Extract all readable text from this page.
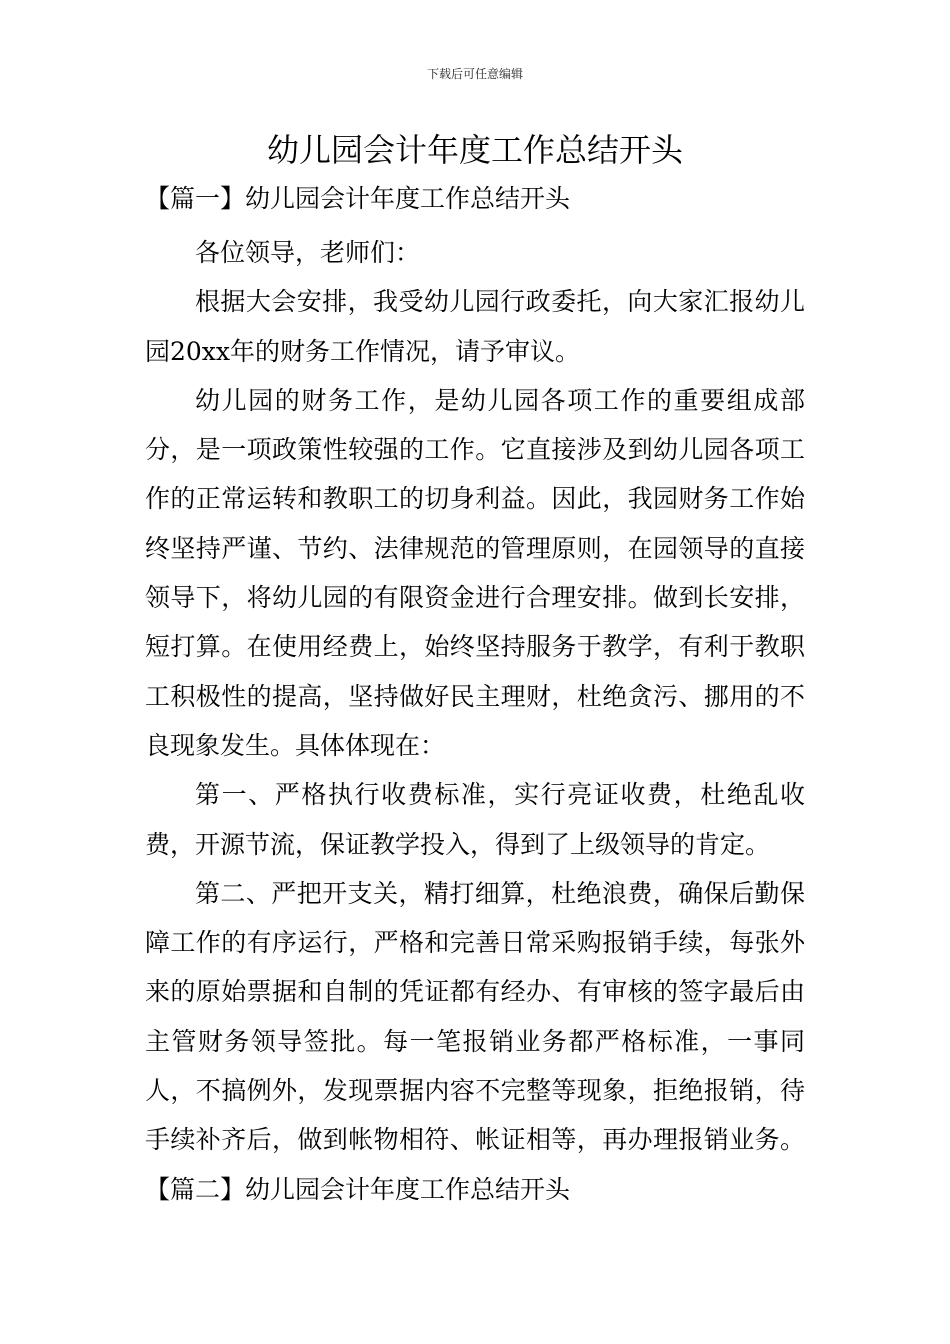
下载后可任意编辑
幼儿园会计年度工作总结开头
【篇一】幼儿园会计年度工作总结开头

各位领导，老师们：

根据大会安排，我受幼儿园行政委托，向大家汇报幼儿园20xx年的财务工作情况，请予审议。

幼儿园的财务工作，是幼儿园各项工作的重要组成部分，是一项政策性较强的工作。它直接涉及到幼儿园各项工作的正常运转和教职工的切身利益。因此，我园财务工作始终坚持严谨、节约、法律规范的管理原则，在园领导的直接领导下，将幼儿园的有限资金进行合理安排。做到长安排，短打算。在使用经费上，始终坚持服务于教学，有利于教职工积极性的提高，坚持做好民主理财，杜绝贪污、挪用的不良现象发生。具体体现在：

第一、严格执行收费标准，实行亮证收费，杜绝乱收费，开源节流，保证教学投入，得到了上级领导的肯定。

第二、严把开支关，精打细算，杜绝浪费，确保后勤保障工作的有序运行，严格和完善日常采购报销手续，每张外来的原始票据和自制的凭证都有经办、有审核的签字最后由主管财务领导签批。每一笔报销业务都严格标准，一事同人，不搞例外，发现票据内容不完整等现象，拒绝报销，待手续补齐后，做到帐物相符、帐证相等，再办理报销业务。【篇二】幼儿园会计年度工作总结开头
